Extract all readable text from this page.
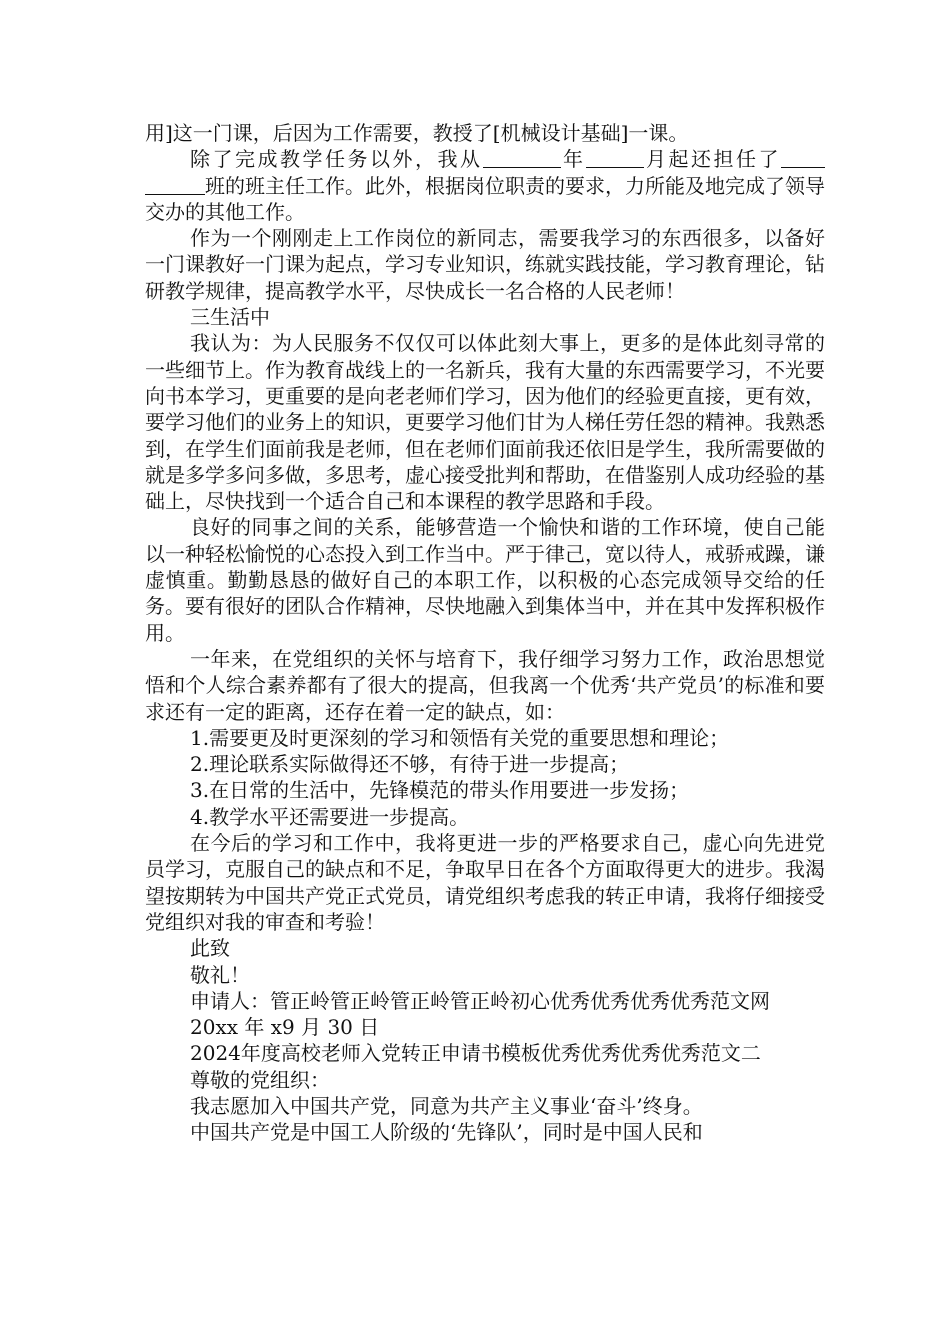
用]这一门课，后因为工作需要，教授了[机械设计基础]一课。

除了完成教学任务以外，我从	年	月起还担任了班的班主任工作。此外，根据岗位职责的要求，力所能及地完成了领导交办的其他工作。

作为一个刚刚走上工作岗位的新同志，需要我学习的东西很多，以备好一门课教好一门课为起点，学习专业知识，练就实践技能，学习教育理论，钻研教学规律，提高教学水平，尽快成长一名合格的人民老师！

三生活中

我认为：为人民服务不仅仅可以体此刻大事上，更多的是体此刻寻常的一些细节上。作为教育战线上的一名新兵，我有大量的东西需要学习，不光要向书本学习，更重要的是向老老师们学习，因为他们的经验更直接，更有效，要学习他们的业务上的知识，更要学习他们甘为人梯任劳任怨的精神。我熟悉到，在学生们面前我是老师，但在老师们面前我还依旧是学生，我所需要做的就是多学多问多做，多思考，虚心接受批判和帮助，在借鉴别人成功经验的基础上，尽快找到一个适合自己和本课程的教学思路和手段。

良好的同事之间的关系，能够营造一个愉快和谐的工作环境，使自己能以一种轻松愉悦的心态投入到工作当中。严于律己，宽以待人，戒骄戒躁，谦虚慎重。勤勤恳恳的做好自己的本职工作，以积极的心态完成领导交给的任务。要有很好的团队合作精神，尽快地融入到集体当中，并在其中发挥积极作用。

一年来，在党组织的关怀与培育下，我仔细学习努力工作，政治思想觉悟和个人综合素养都有了很大的提高，但我离一个优秀‘共产党员’的标准和要求还有一定的距离，还存在着一定的缺点，如：

1.需要更及时更深刻的学习和领悟有关党的重要思想和理论；

2.理论联系实际做得还不够，有待于进一步提高；

3.在日常的生活中，先锋模范的带头作用要进一步发扬；

4.教学水平还需要进一步提高。

在今后的学习和工作中，我将更进一步的严格要求自己，虚心向先进党员学习，克服自己的缺点和不足，争取早日在各个方面取得更大的进步。我渴望按期转为中国共产党正式党员，请党组织考虑我的转正申请，我将仔细接受党组织对我的审查和考验！

此致

敬礼！

申请人：管正岭管正岭管正岭管正岭初心优秀优秀优秀优秀范文网

20xx 年 x9 月 30 日

2024年度高校老师入党转正申请书模板优秀优秀优秀优秀范文二

尊敬的党组织：

我志愿加入中国共产党，同意为共产主义事业‘奋斗’终身。

中国共产党是中国工人阶级的‘先锋队’，同时是中国人民和
